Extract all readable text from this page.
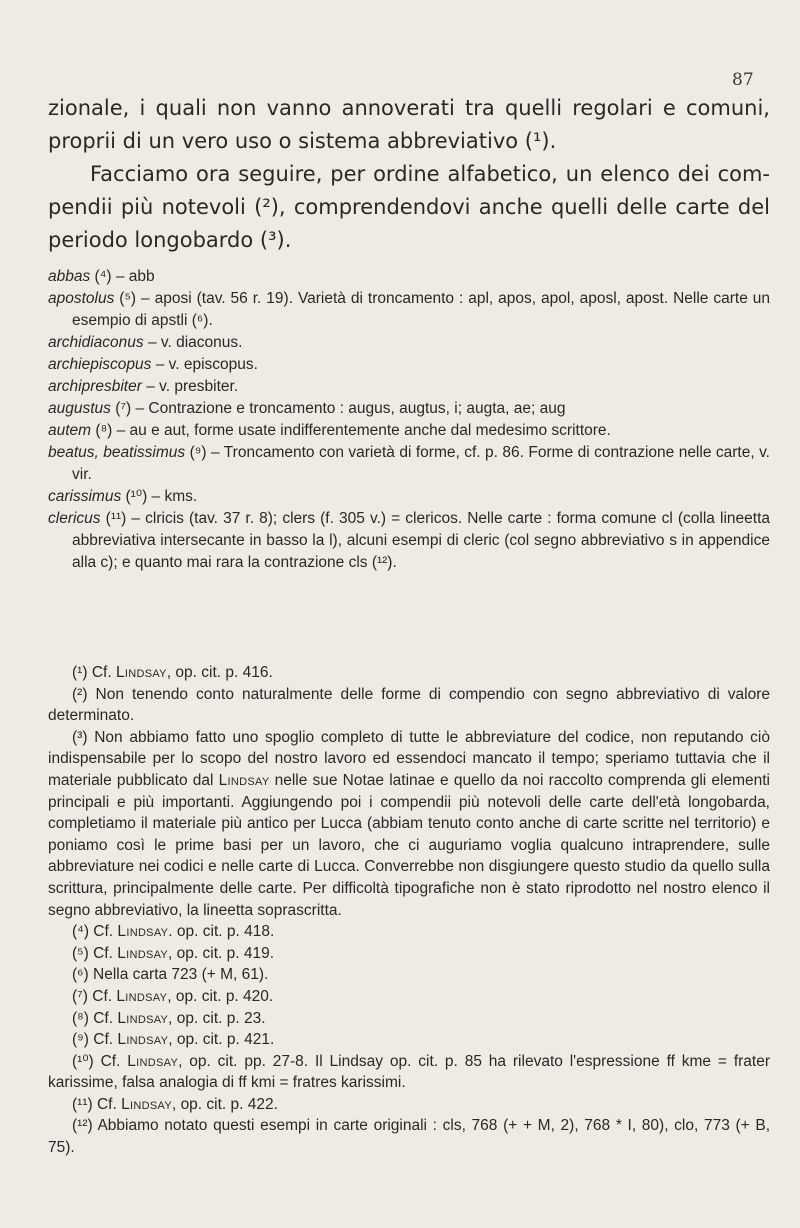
87

zionale, i quali non vanno annoverati tra quelli regolari e comuni, proprii di un vero uso o sistema abbreviativo (¹).

Facciamo ora seguire, per ordine alfabetico, un elenco dei compendii più notevoli (²), comprendendovi anche quelli delle carte del periodo longobardo (³).

abbas (⁴) – abb
apostolus (⁵) – aposi (tav. 56 r. 19). Varietà di troncamento : apl, apos, apol, aposl, apost. Nelle carte un esempio di apstli (⁶).
archidiaconus – v. diaconus.
archiepiscopus – v. episcopus.
archipresbiter – v. presbiter.
augustus (⁷) – Contrazione e troncamento : augus, augtus, i; augta, ae; aug
autem (⁸) – au e aut, forme usate indifferentemente anche dal medesimo scrittore.
beatus, beatissimus (⁹) – Troncamento con varietà di forme, cf. p. 86. Forme di contrazione nelle carte, v. vir.
carissimus (¹⁰) – kms.
clericus (¹¹) – clricis (tav. 37 r. 8); clers (f. 305 v.) = clericos. Nelle carte : forma comune cl (colla lineetta abbreviativa intersecante in basso la l), alcuni esempi di cleric (col segno abbreviativo s in appendice alla c); e quanto mai rara la contrazione cls (¹²).
(¹) Cf. Lindsay, op. cit. p. 416.
(²) Non tenendo conto naturalmente delle forme di compendio con segno abbreviativo di valore determinato.
(³) Non abbiamo fatto uno spoglio completo di tutte le abbreviature del codice, non reputando ciò indispensabile per lo scopo del nostro lavoro ed essendoci mancato il tempo; speriamo tuttavia che il materiale pubblicato dal Lindsay nelle sue Notae latinae e quello da noi raccolto comprenda gli elementi principali e più importanti. Aggiungendo poi i compendii più notevoli delle carte dell'età longobarda, completiamo il materiale più antico per Lucca (abbiam tenuto conto anche di carte scritte nel territorio) e poniamo così le prime basi per un lavoro, che ci auguriamo voglia qualcuno intraprendere, sulle abbreviature nei codici e nelle carte di Lucca. Converrebbe non disgiungere questo studio da quello sulla scrittura, principalmente delle carte. Per difficoltà tipografiche non è stato riprodotto nel nostro elenco il segno abbreviativo, la lineetta soprascritta.
(⁴) Cf. Lindsay. op. cit. p. 418.
(⁵) Cf. Lindsay, op. cit. p. 419.
(⁶) Nella carta 723 (+ M, 61).
(⁷) Cf. Lindsay, op. cit. p. 420.
(⁸) Cf. Lindsay, op. cit. p. 23.
(⁹) Cf. Lindsay, op. cit. p. 421.
(¹⁰) Cf. Lindsay, op. cit. pp. 27-8. Il Lindsay op. cit. p. 85 ha rilevato l'espressione ff kme = frater karissime, falsa analogia di ff kmi = fratres karissimi.
(¹¹) Cf. Lindsay, op. cit. p. 422.
(¹²) Abbiamo notato questi esempi in carte originali : cls, 768 (+ + M, 2), 768 * I, 80), clo, 773 (+ B, 75).
